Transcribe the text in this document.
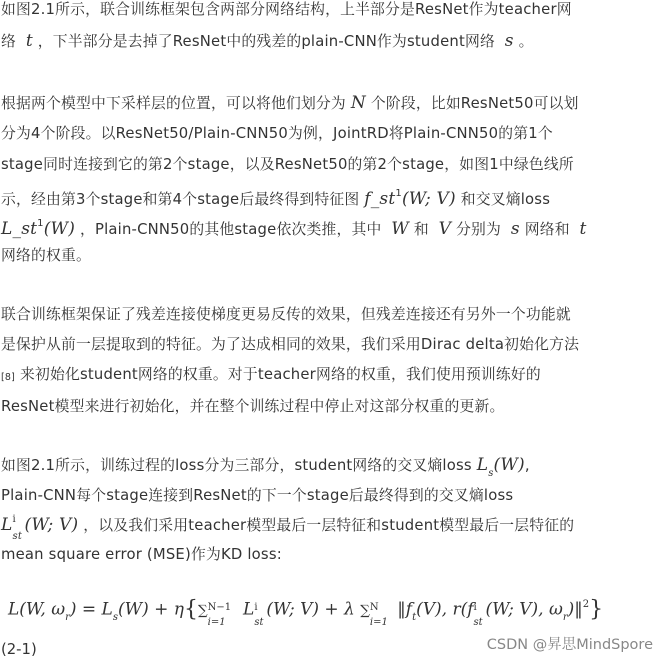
如图2.1所示，联合训练框架包含两部分网络结构，上半部分是ResNet作为teacher网
络 t ，下半部分是去掉了ResNet中的残差的plain-CNN作为student网络 s 。
根据两个模型中下采样层的位置，可以将他们划分为 N 个阶段，比如ResNet50可以划
分为4个阶段。以ResNet50/Plain-CNN50为例，JointRD将Plain-CNN50的第1个
stage同时连接到它的第2个stage，以及ResNet50的第2个stage，如图1中绿色线所
示，经由第3个stage和第4个stage后最终得到特征图 $f\_st^1(W$; V) 和交叉熵loss
$L\_st^1(W)$ ，Plain-CNN50的其他stage依次类推，其中 W 和 V 分别为 s 网络和 t
网络的权重。
联合训练框架保证了残差连接使梯度更易反传的效果，但残差连接还有另外一个功能就
是保护从前一层提取到的特征。为了达成相同的效果，我们采用Dirac delta初始化方法
[8] 来初始化student网络的权重。对于teacher网络的权重，我们使用预训练好的
ResNet模型来进行初始化，并在整个训练过程中停止对这部分权重的更新。
如图2.1所示，训练过程的loss分为三部分，student网络的交叉熵loss $L_s(W)$,
Plain-CNN每个stage连接到ResNet的下一个stage后最终得到的交叉熵loss
L i
st
(W; V) ，以及我们采用teacher模型最后一层特征和student模型最后一层特征的
mean square error (MSE)作为KD loss:
L(W, $\omega_r) = L_s(W) + \eta\{\sum$ N−1
i=1
L i
st
(W; V) + λ ∑ N
i=1
$‖f_t(V)$, r(f i
st
(W; V), $\omega_r)‖^2$}
(2-1)	CSDN @昇思MindSpore
